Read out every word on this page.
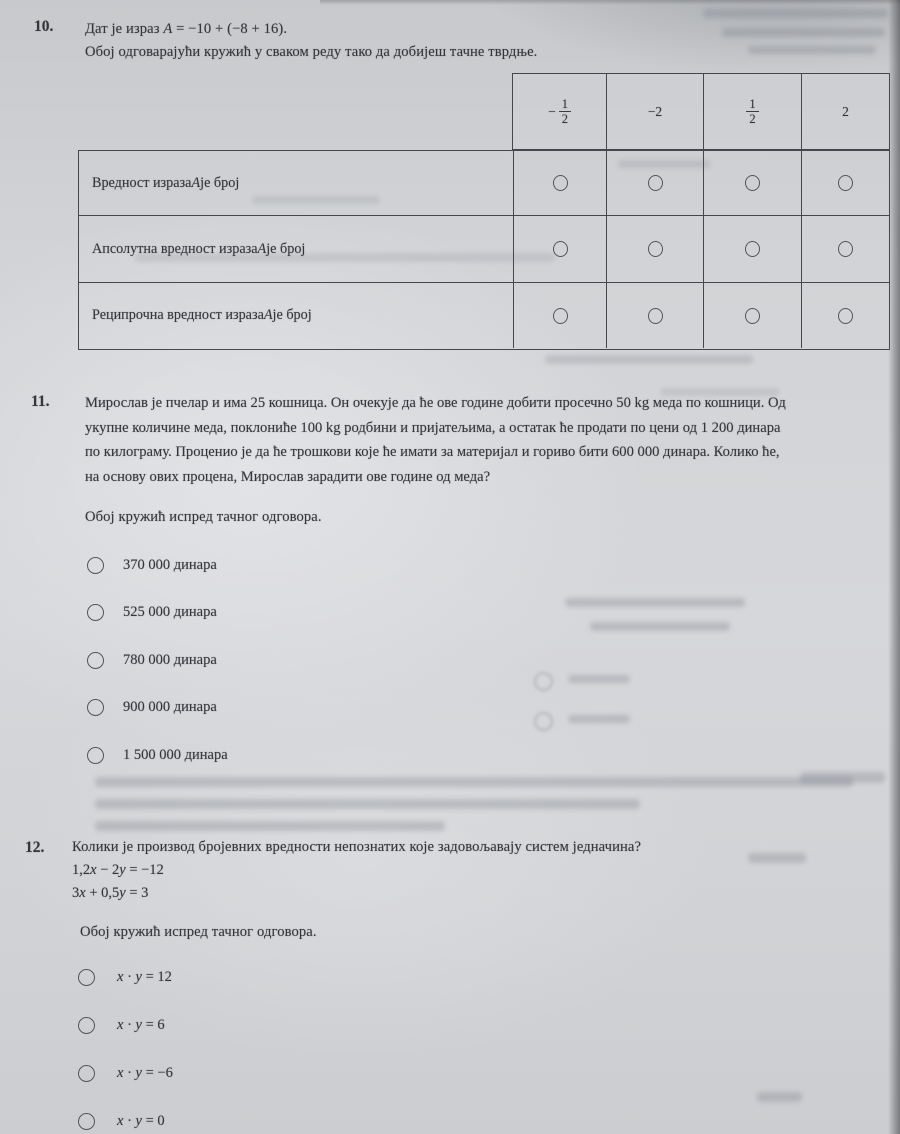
10. Дат је израз A = −10 + (−8 + 16).
Обој одговарајући кружић у сваком реду тако да добијеш тачне тврдње.
− $\frac{1}{2}$	−2	$\frac{1}{2}$	2
Вредност израза A је број
Апсолутна вредност израза A је број
Реципрочна вредност израза A је број
11. Мирослав је пчелар и има 25 кошница. Он очекује да ће ове године добити просечно 50 kg меда по кошници. Од
укупне количине меда, поклониће 100 kg родбини и пријатељима, а остатак ће продати по цени од 1 200 динара
по килограму. Проценио је да ће трошкови које ће имати за материјал и гориво бити 600 000 динара. Колико ће,
на основу ових процена, Мирослав зарадити ове године од меда?
Обој кружић испред тачног одговора.
370 000 динара
525 000 динара
780 000 динара
900 000 динара
1 500 000 динара
12. Колики је производ бројевних вредности непознатих које задовољавају систем једначина?
1,2x − 2y = −12
3x + 0,5y = 3
Обој кружић испред тачног одговора.
x · y = 12
x · y = 6
x · y = −6
x · y = 0
